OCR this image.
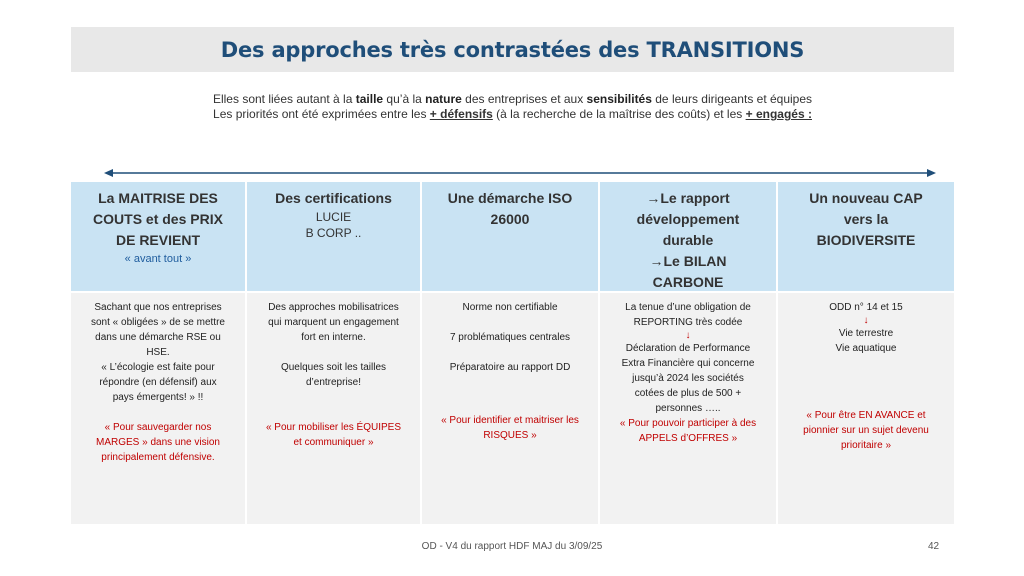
Des approches très contrastées des TRANSITIONS
Elles sont liées autant à la taille qu’à la nature des entreprises et aux sensibilités de leurs dirigeants et équipes
Les priorités ont été exprimées entre les + défensifs (à la recherche de la maîtrise des coûts) et les + engagés :
La MAITRISE DES
COUTS et des PRIX
DE REVIENT
« avant tout »
Des certifications
LUCIE
B CORP ..
Une démarche ISO
26000
→Le rapport
développement
durable
→Le BILAN
CARBONE
Un nouveau CAP
vers la
BIODIVERSITE

Sachant que nos entreprises
sont « obligées » de se mettre
dans une démarche RSE ou
HSE.
« L’écologie est faite pour
répondre (en défensif) aux
pays émergents! » !!

« Pour sauvegarder nos
MARGES » dans une vision
principalement défensive.

Des approches mobilisatrices
qui marquent un engagement
fort en interne.

Quelques soit les tailles
d’entreprise!

« Pour mobiliser les ÉQUIPES
et communiquer »

Norme non certifiable

7 problématiques centrales

Préparatoire au rapport DD

« Pour identifier et maitriser les
RISQUES »

La tenue d’une obligation de
REPORTING très codée

↓

Déclaration de Performance
Extra Financière qui concerne
jusqu’à 2024 les sociétés
cotées de plus de 500 +
personnes …..

« Pour pouvoir participer à des
APPELS d’OFFRES »

ODD n° 14 et 15

↓

Vie terrestre
Vie aquatique

« Pour être EN AVANCE et
pionnier sur un sujet devenu
prioritaire »

OD - V4 du rapport HDF MAJ du 3/09/25	42
